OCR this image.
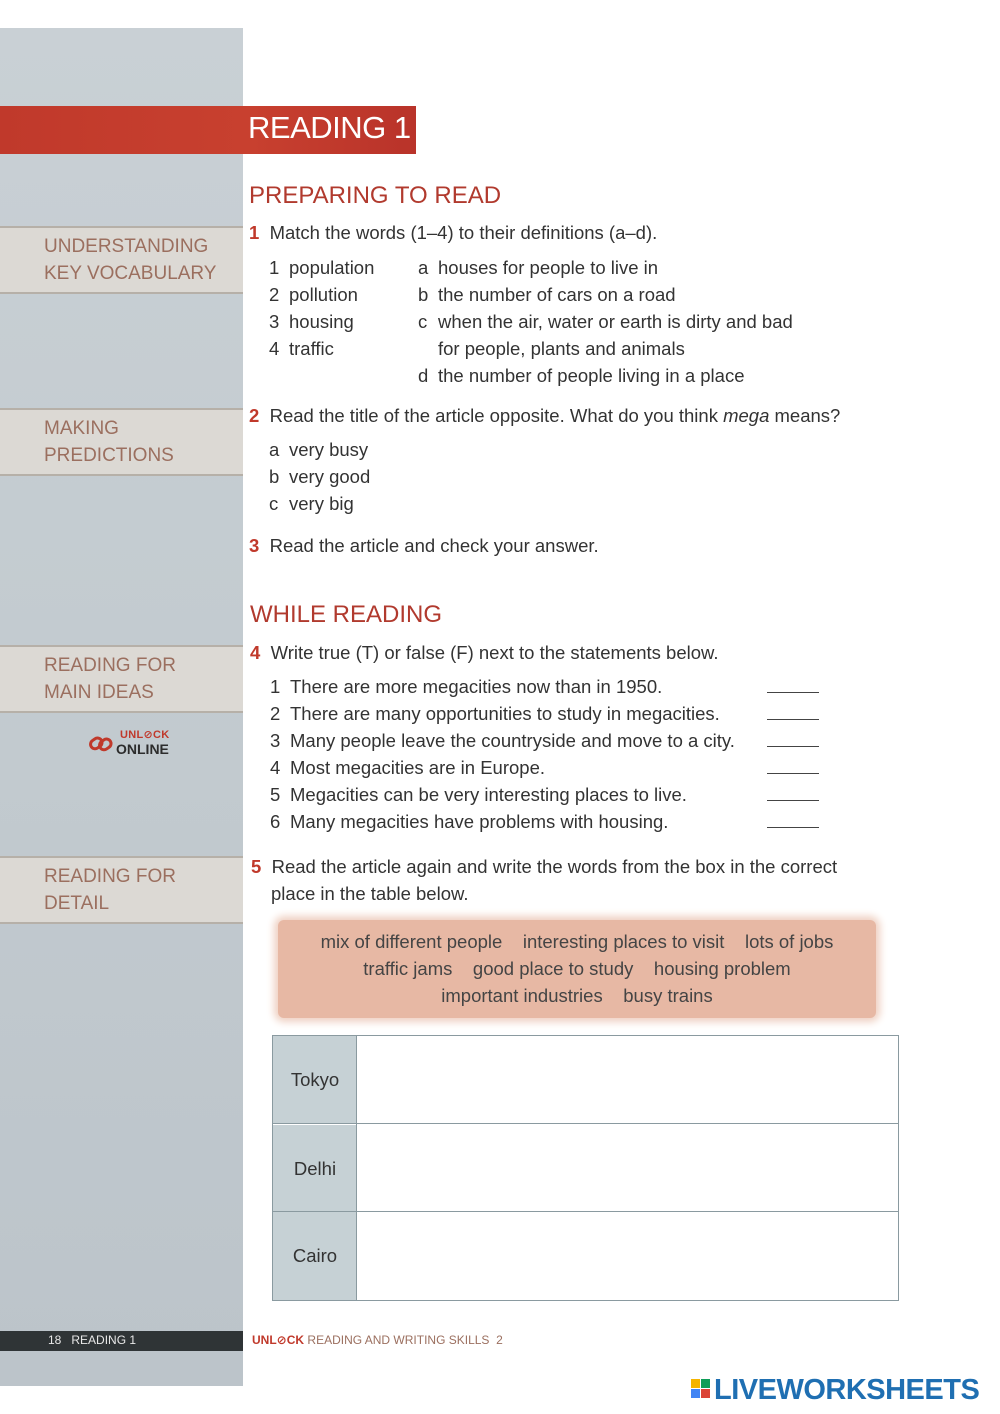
UNDERSTANDING
KEY VOCABULARY
MAKING
PREDICTIONS
READING FOR
MAIN IDEAS
READING FOR
DETAIL
UNL⊘CK
ONLINE
READING 1
PREPARING TO READ
1 Match the words (1–4) to their definitions (a–d).
1 population
2 pollution
3 housing
4 traffic
a houses for people to live in
b the number of cars on a road
c when the air, water or earth is dirty and bad
for people, plants and animals
d the number of people living in a place
2 Read the title of the article opposite. What do you think mega means?
a very busy
b very good
c very big
3 Read the article and check your answer.
WHILE READING
4 Write true (T) or false (F) next to the statements below.
1 There are more megacities now than in 1950.
2 There are many opportunities to study in megacities.
3 Many people leave the countryside and move to a city.
4 Most megacities are in Europe.
5 Megacities can be very interesting places to live.
6 Many megacities have problems with housing.
5 Read the article again and write the words from the box in the correct
place in the table below.
mix of different people    interesting places to visit    lots of jobs
traffic jams    good place to study    housing problem
important industries    busy trains
Tokyo
Delhi
Cairo
18   READING 1	UNL⊘CK READING AND WRITING SKILLS  2
LIVEWORKSHEETS
